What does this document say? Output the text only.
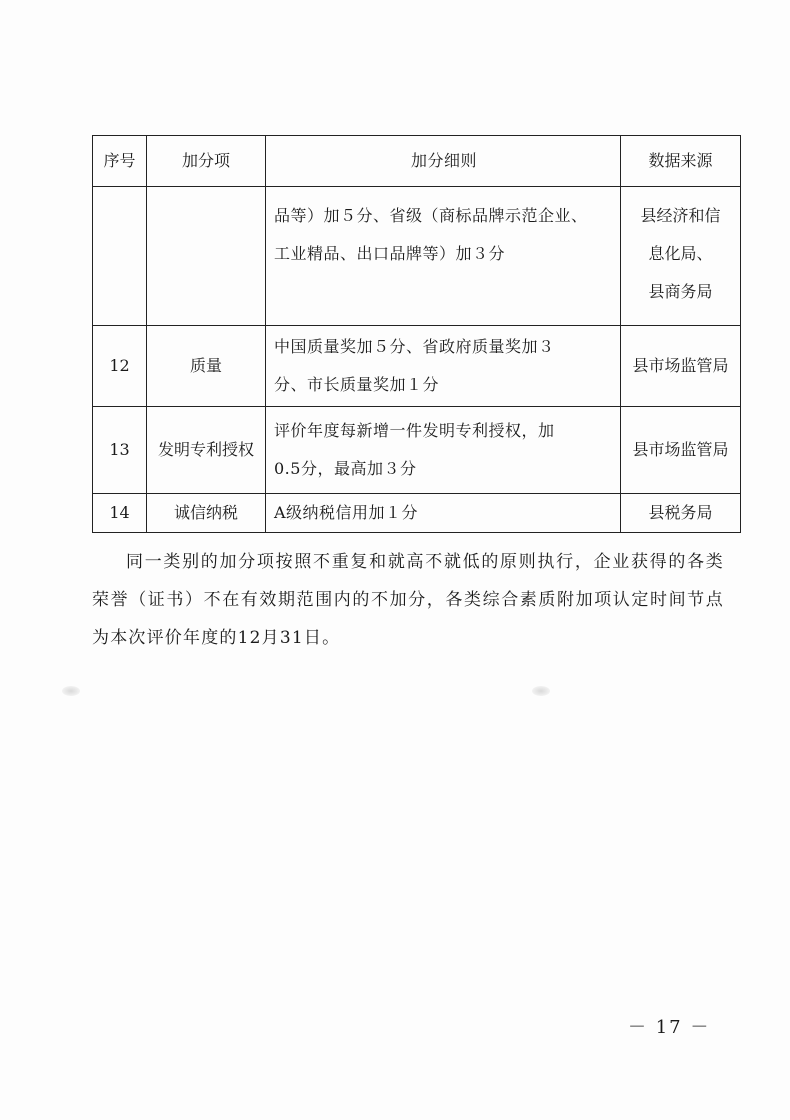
序号	加分项	加分细则	数据来源

		品等）加５分、省级（商标品牌示范企业、
工业精品、出口品牌等）加３分	县经济和信
息化局、
县商务局

12	质量	中国质量奖加５分、省政府质量奖加３
分、市长质量奖加１分	县市场监管局
13	发明专利授权	评价年度每新增一件发明专利授权，加
0.5分，最高加３分	县市场监管局
14	诚信纳税	A级纳税信用加１分	县税务局

同一类别的加分项按照不重复和就高不就低的原则执行，企业获得的各类荣誉（证书）不在有效期范围内的不加分，各类综合素质附加项认定时间节点为本次评价年度的12月31日。

－ 17 －
